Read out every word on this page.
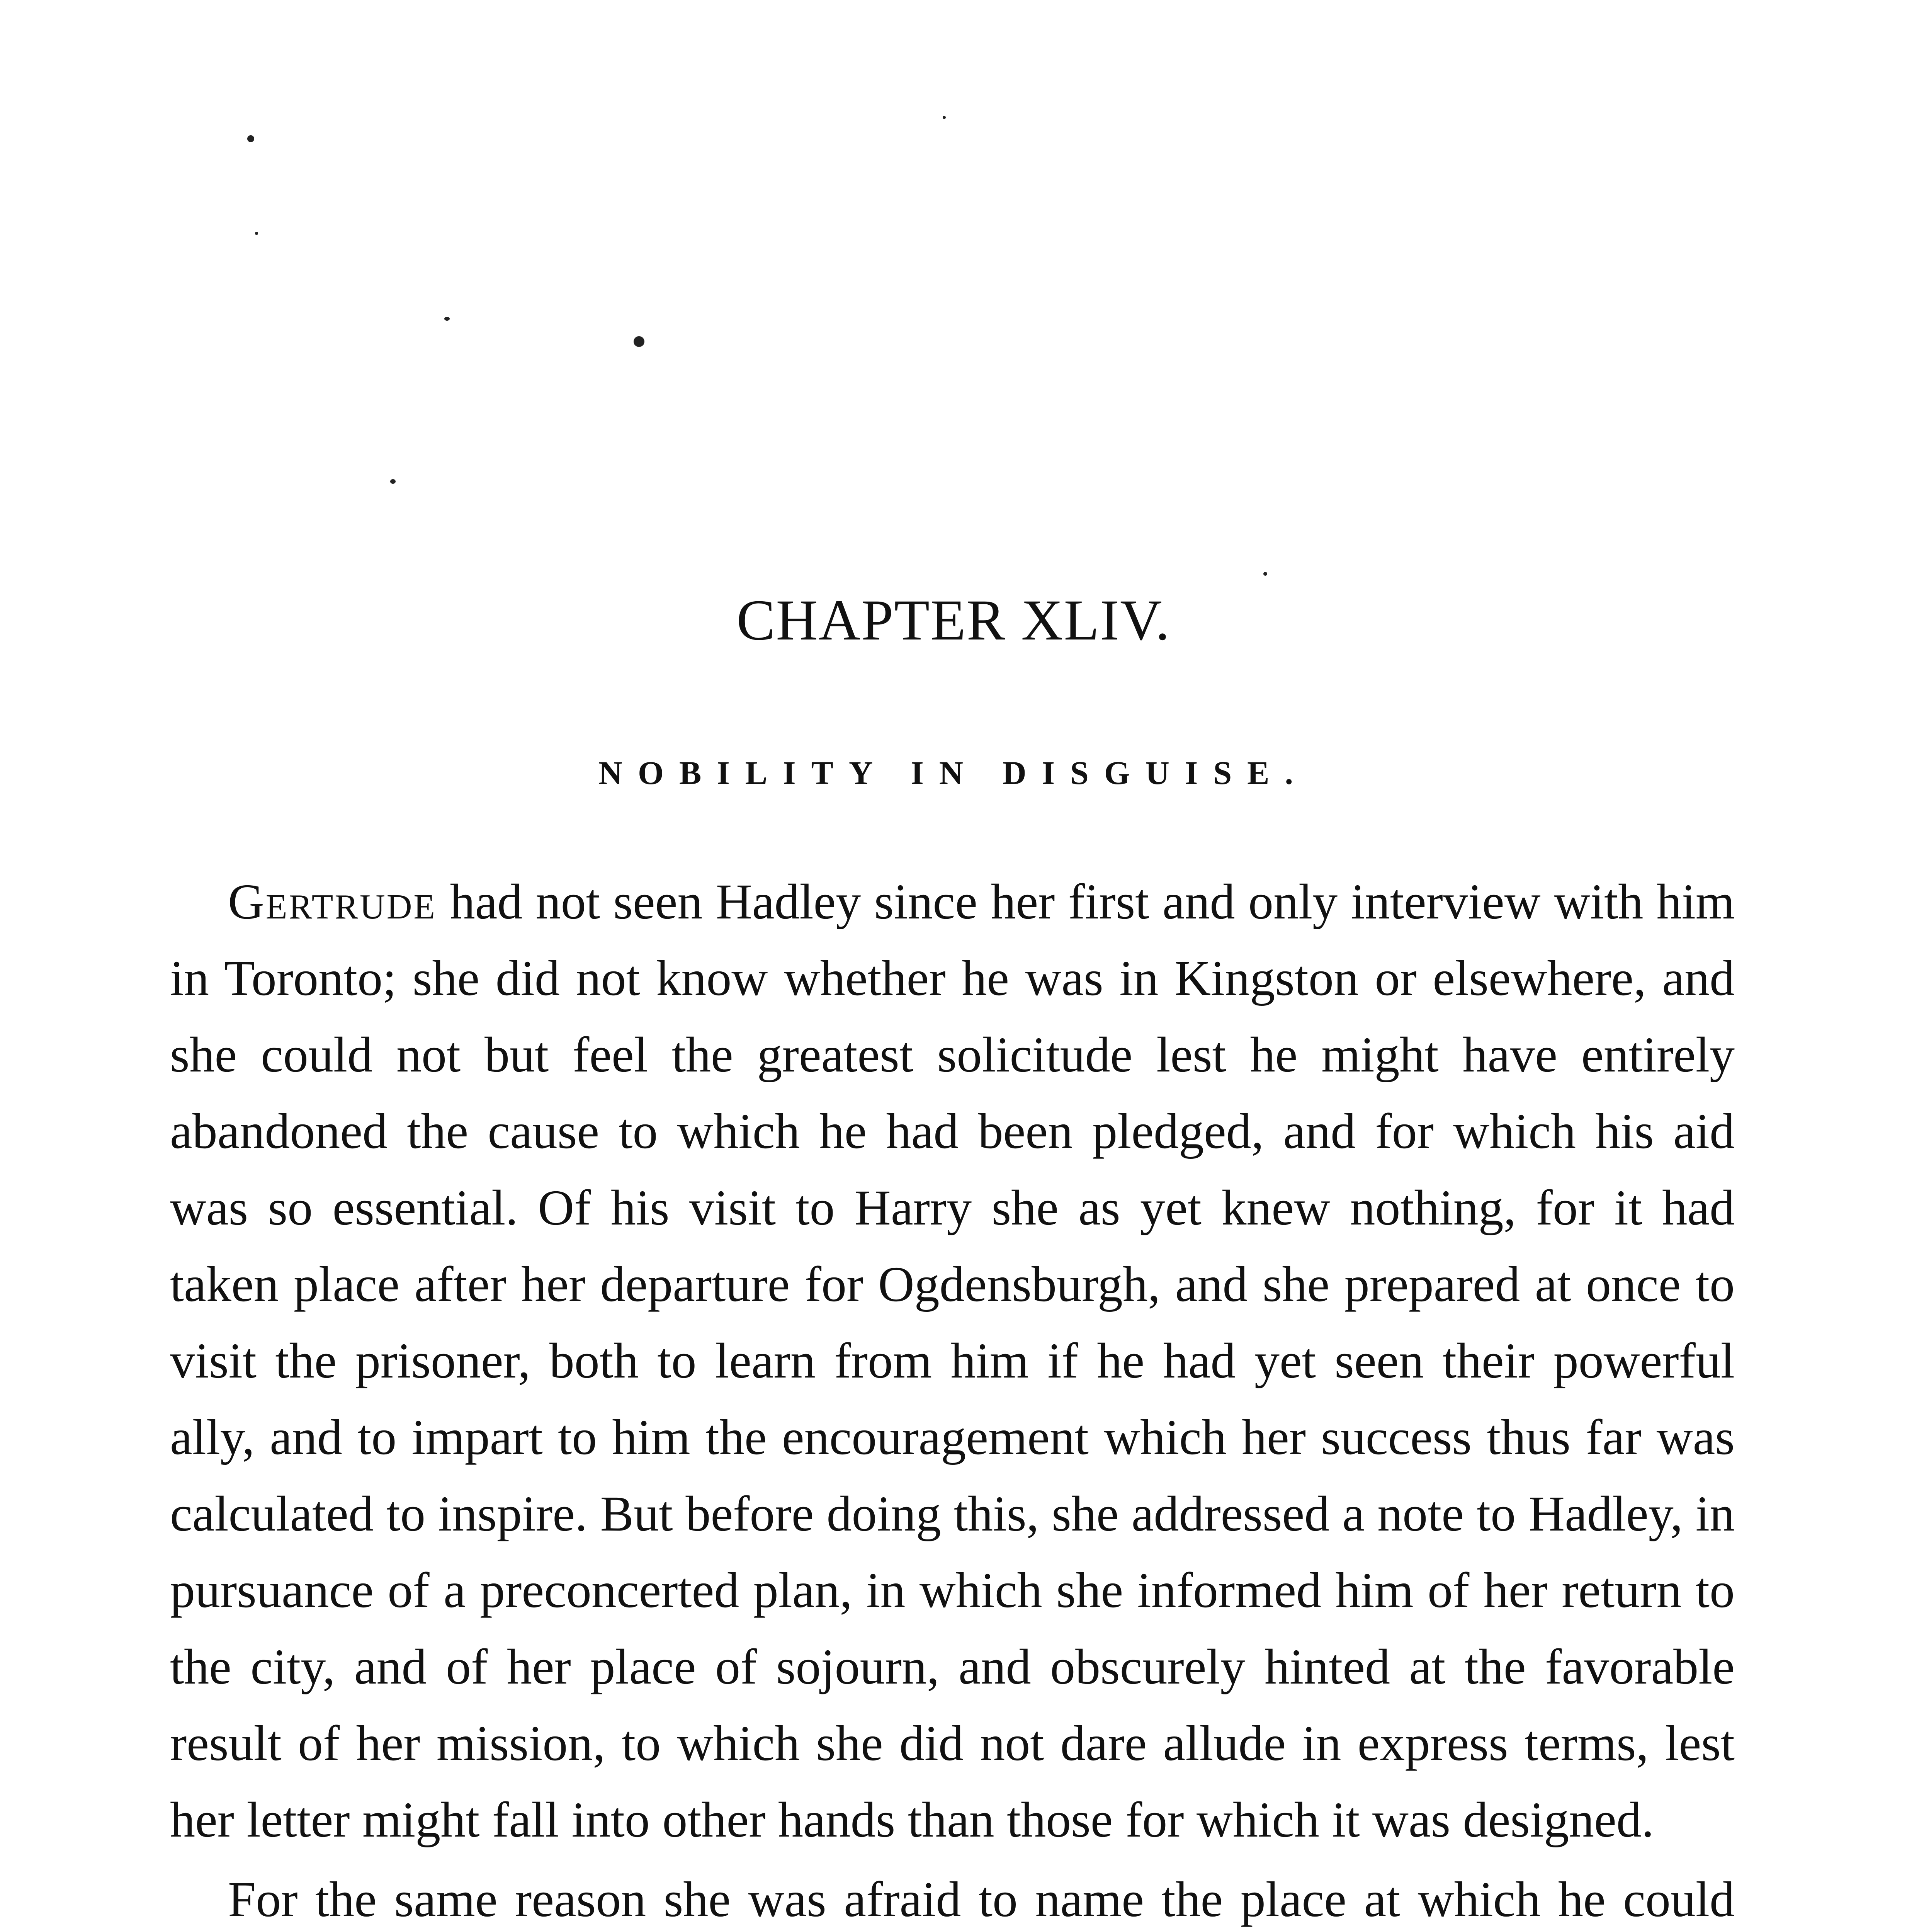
CHAPTER XLIV.
NOBILITY IN DISGUISE.

Gertrude had not seen Hadley since her first and only interview with him in Toronto; she did not know whether he was in Kingston or elsewhere, and she could not but feel the greatest solicitude lest he might have entirely abandoned the cause to which he had been pledged, and for which his aid was so essential. Of his visit to Harry she as yet knew nothing, for it had taken place after her departure for Ogdensburgh, and she prepared at once to visit the prisoner, both to learn from him if he had yet seen their powerful ally, and to impart to him the encouragement which her success thus far was calculated to inspire. But before doing this, she addressed a note to Hadley, in pursuance of a preconcerted plan, in which she informed him of her return to the city, and of her place of sojourn, and obscurely hinted at the favorable result of her mission, to which she did not dare allude in express terms, lest her letter might fall into other hands than those for which it was designed.

For the same reason she was afraid to name the place at which he could
